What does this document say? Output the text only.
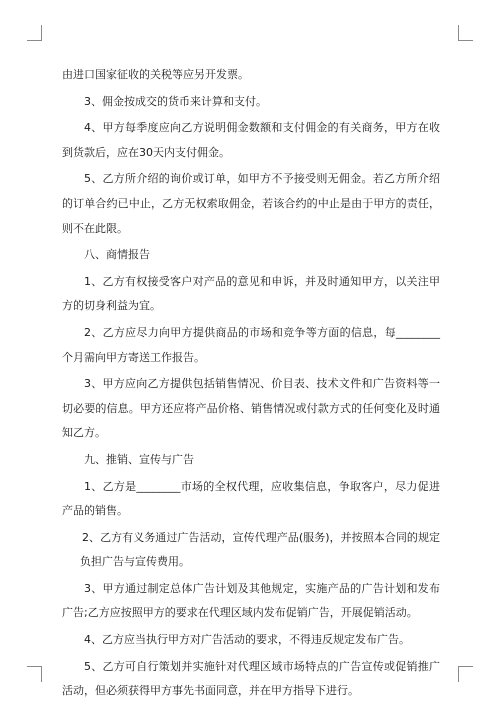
由进口国家征收的关税等应另开发票。

3、佣金按成交的货币来计算和支付。

4、甲方每季度应向乙方说明佣金数额和支付佣金的有关商务，甲方在收到货款后，应在30天内支付佣金。

5、乙方所介绍的询价或订单，如甲方不予接受则无佣金。若乙方所介绍的订单合约已中止，乙方无权索取佣金，若该合约的中止是由于甲方的责任，则不在此限。

八、商情报告

1、乙方有权接受客户对产品的意见和申诉，并及时通知甲方，以关注甲方的切身利益为宜。

2、乙方应尽力向甲方提供商品的市场和竞争等方面的信息，每________个月需向甲方寄送工作报告。

3、甲方应向乙方提供包括销售情况、价目表、技术文件和广告资料等一切必要的信息。甲方还应将产品价格、销售情况或付款方式的任何变化及时通知乙方。

九、推销、宣传与广告

1、乙方是________市场的全权代理，应收集信息，争取客户，尽力促进产品的销售。

2、乙方有义务通过广告活动，宣传代理产品(服务)，并按照本合同的规定负担广告与宣传费用。

3、甲方通过制定总体广告计划及其他规定，实施产品的广告计划和发布广告;乙方应按照甲方的要求在代理区域内发布促销广告，开展促销活动。

4、乙方应当执行甲方对广告活动的要求，不得违反规定发布广告。

5、乙方可自行策划并实施针对代理区域市场特点的广告宣传或促销推广活动，但必须获得甲方事先书面同意，并在甲方指导下进行。
